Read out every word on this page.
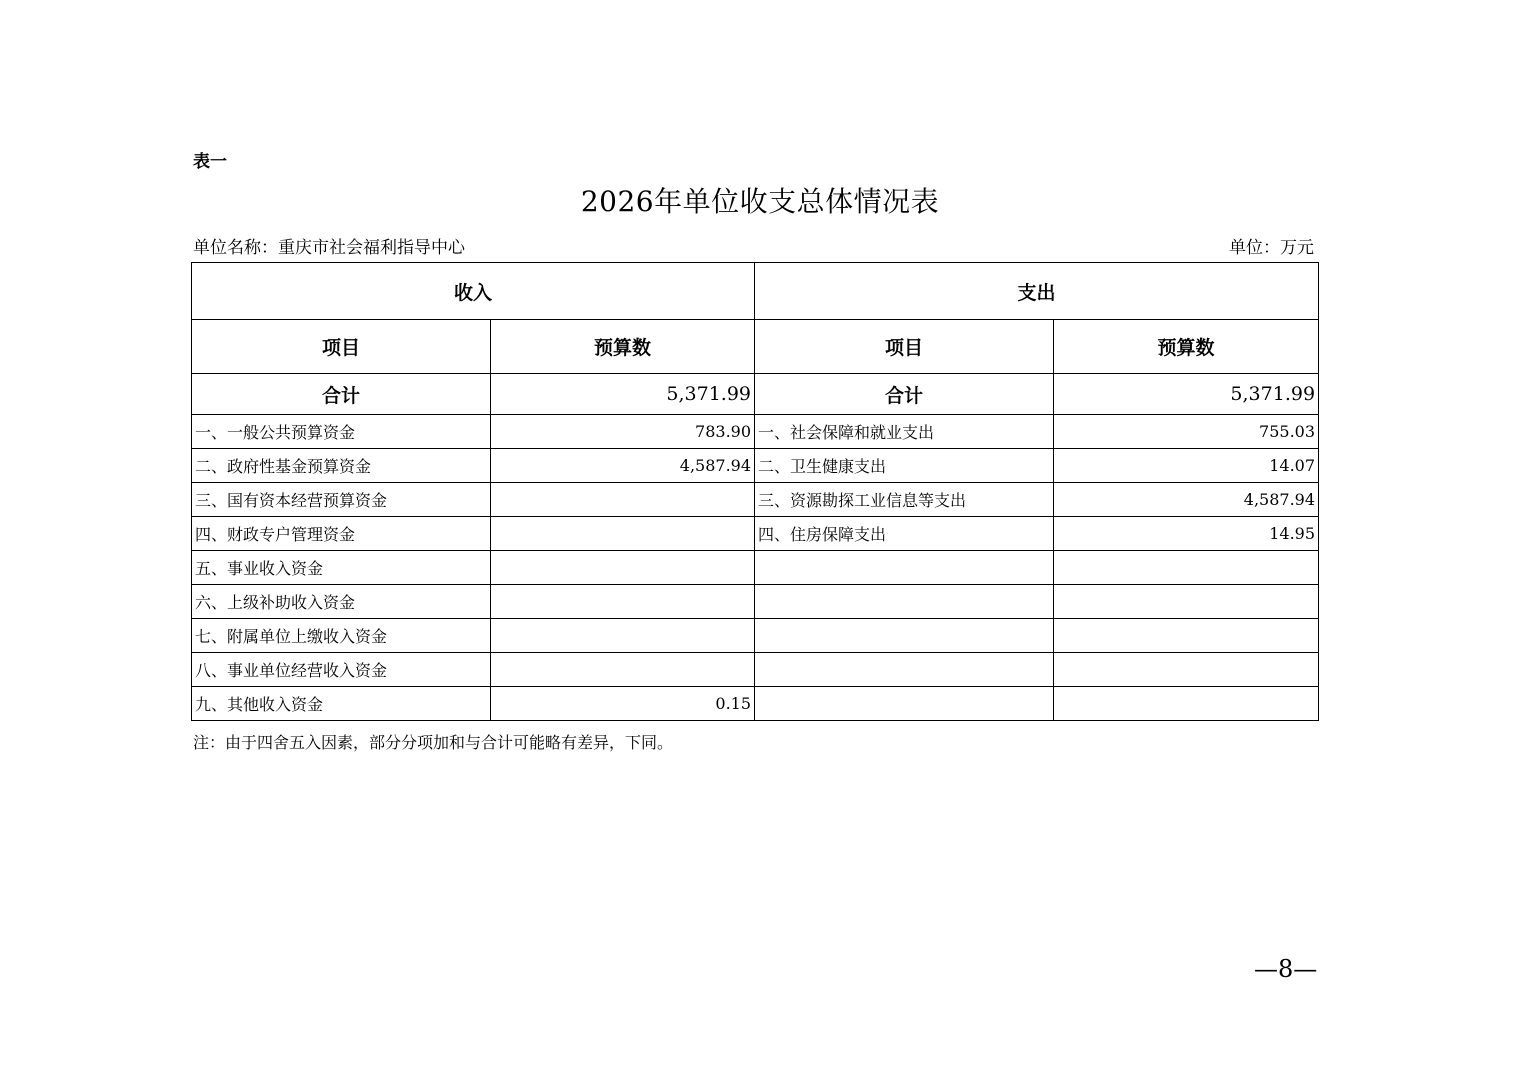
表一
2026年单位收支总体情况表
单位名称：重庆市社会福利指导中心	单位：万元
收入		支出	
项目	预算数	项目	预算数
合计	5,371.99	合计	5,371.99
一、一般公共预算资金	783.90	一、社会保障和就业支出	755.03
二、政府性基金预算资金	4,587.94	二、卫生健康支出	14.07
三、国有资本经营预算资金		三、资源勘探工业信息等支出	4,587.94
四、财政专户管理资金		四、住房保障支出	14.95
五、事业收入资金			
六、上级补助收入资金			
七、附属单位上缴收入资金			
八、事业单位经营收入资金			
九、其他收入资金	0.15		
注：由于四舍五入因素，部分分项加和与合计可能略有差异，下同。
—8—
